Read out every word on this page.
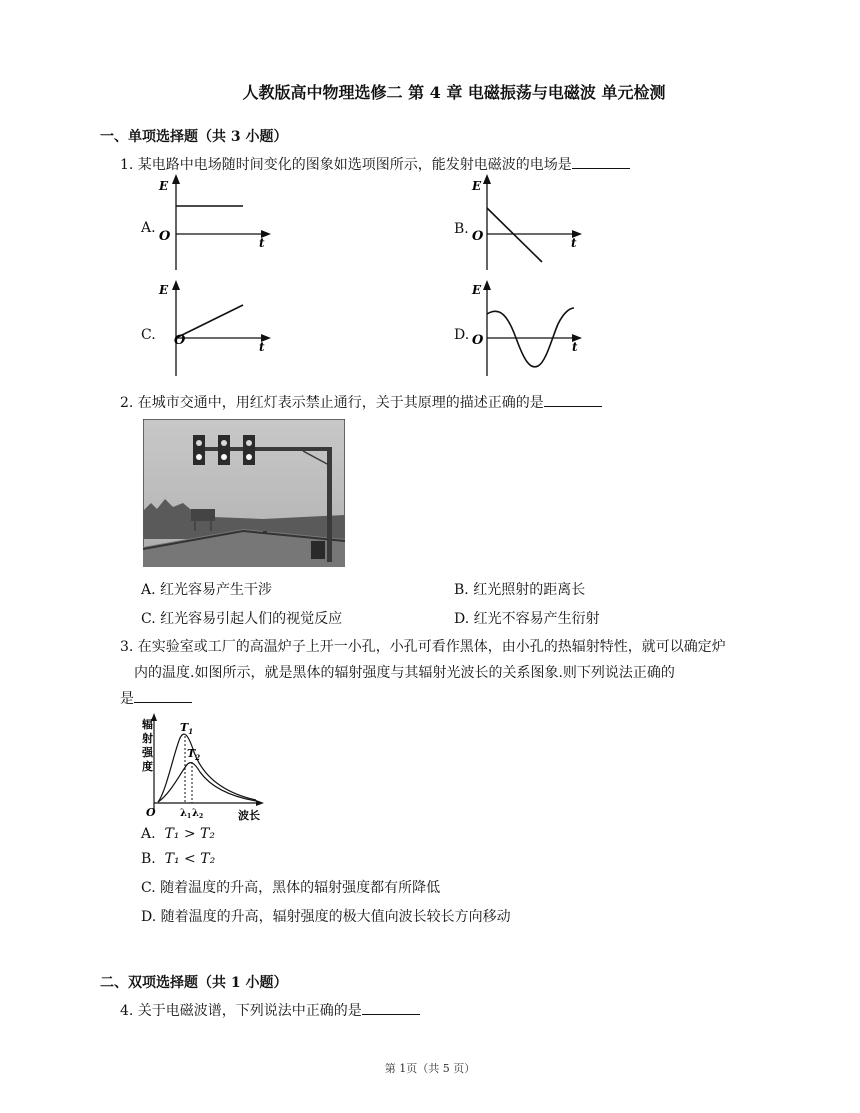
人教版高中物理选修二 第 4 章 电磁振荡与电磁波 单元检测
一、单项选择题（共 3 小题）
1. 某电路中电场随时间变化的图象如选项图所示，能发射电磁波的电场是
A.
E
O	t
B.
E
O	t
C.
E
O	t
D.
E
O	t
2. 在城市交通中，用红灯表示禁止通行，关于其原理的描述正确的是
A. 红光容易产生干涉	B. 红光照射的距离长
C. 红光容易引起人们的视觉反应	D. 红光不容易产生衍射
3. 在实验室或工厂的高温炉子上开一小孔，小孔可看作黑体，由小孔的热辐射特性，就可以确定炉
内的温度.如图所示，就是黑体的辐射强度与其辐射光波长的关系图象.则下列说法正确的
是
辐
射
强
度
$T_1$
$T_2$
O $\lambda_1$ $\lambda_2$	波长
A. T₁ > T₂
B. T₁ < T₂
C. 随着温度的升高，黑体的辐射强度都有所降低
D. 随着温度的升高，辐射强度的极大值向波长较长方向移动
二、双项选择题（共 1 小题）
4. 关于电磁波谱，下列说法中正确的是
第 1页（共 5 页）
